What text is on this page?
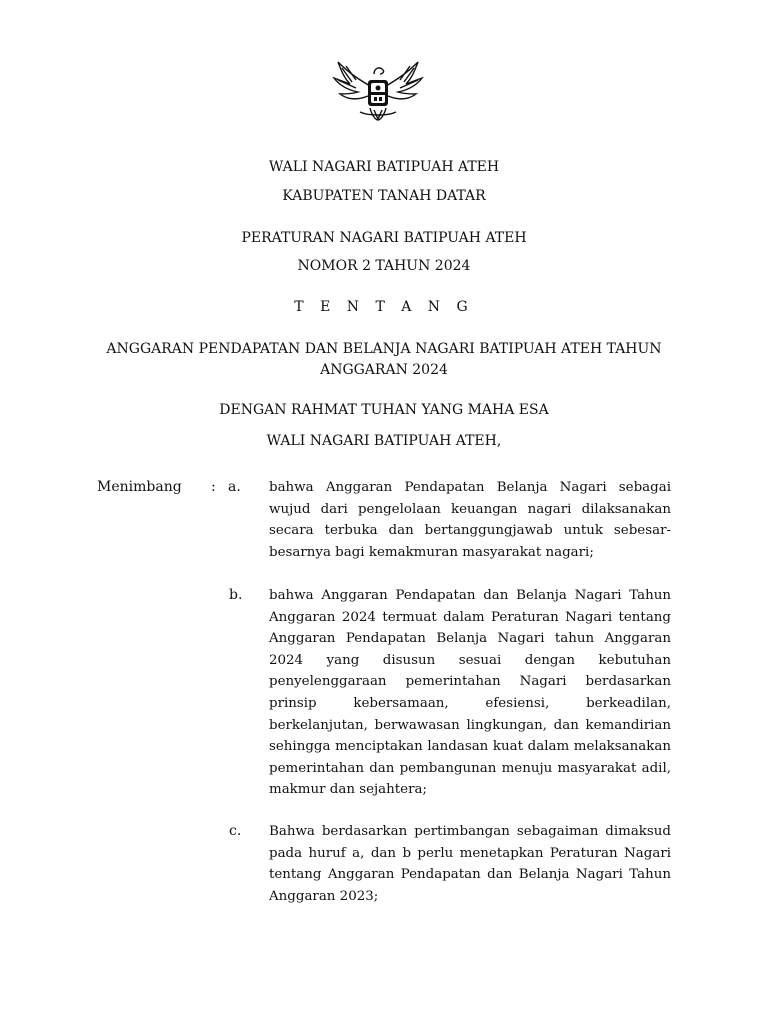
WALI NAGARI BATIPUAH ATEH
KABUPATEN TANAH DATAR
PERATURAN NAGARI BATIPUAH ATEH
NOMOR 2 TAHUN 2024
T E N T A N G
ANGGARAN PENDAPATAN DAN BELANJA NAGARI BATIPUAH ATEH TAHUN
ANGGARAN 2024
DENGAN RAHMAT TUHAN YANG MAHA ESA
WALI NAGARI BATIPUAH ATEH,
Menimbang : a. bahwa Anggaran Pendapatan Belanja Nagari sebagai wujud dari pengelolaan keuangan nagari dilaksanakan secara terbuka dan bertanggungjawab untuk sebesar-besarnya bagi kemakmuran masyarakat nagari;
b. bahwa Anggaran Pendapatan dan Belanja Nagari Tahun Anggaran 2024 termuat dalam Peraturan Nagari tentang Anggaran Pendapatan Belanja Nagari tahun Anggaran 2024 yang disusun sesuai dengan kebutuhan penyelenggaraan pemerintahan Nagari berdasarkan prinsip kebersamaan, efesiensi, berkeadilan, berkelanjutan, berwawasan lingkungan, dan kemandirian sehingga menciptakan landasan kuat dalam melaksanakan pemerintahan dan pembangunan menuju masyarakat adil, makmur dan sejahtera;
c. Bahwa berdasarkan pertimbangan sebagaiman dimaksud pada huruf a, dan b perlu menetapkan Peraturan Nagari tentang Anggaran Pendapatan dan Belanja Nagari Tahun Anggaran 2023;
